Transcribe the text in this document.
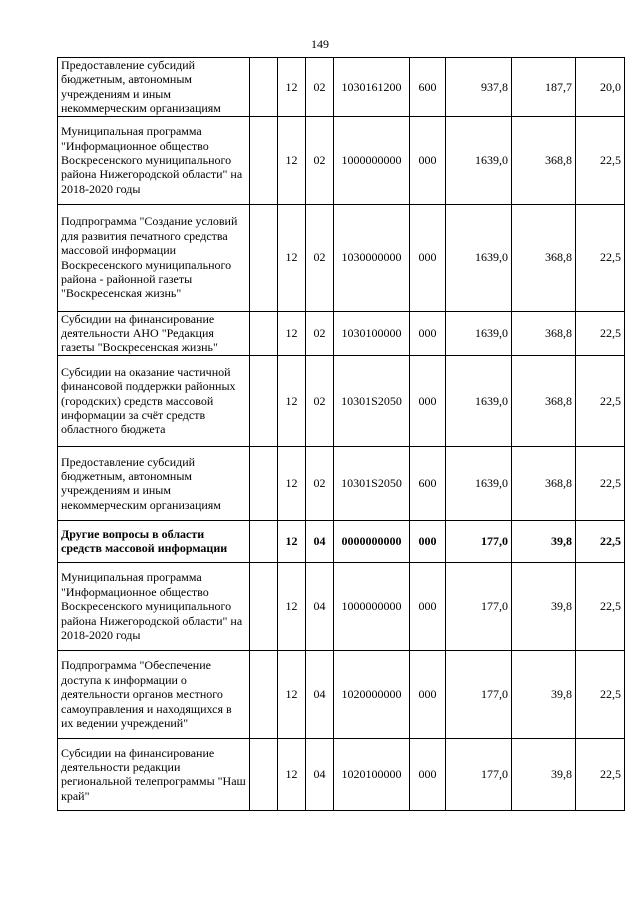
149
Предоставление субсидий бюджетным, автономным учреждениям и иным некоммерческим организациям		12	02	1030161200	600	937,8	187,7	20,0
Муниципальная программа "Информационное общество Воскресенского муниципального района Нижегородской области" на 2018-2020 годы		12	02	1000000000	000	1639,0	368,8	22,5
Подпрограмма "Создание условий для развития печатного средства массовой информации Воскресенского муниципального района - районной газеты "Воскресенская жизнь"		12	02	1030000000	000	1639,0	368,8	22,5
Субсидии на финансирование деятельности АНО "Редакция газеты "Воскресенская жизнь"		12	02	1030100000	000	1639,0	368,8	22,5
Субсидии на оказание частичной финансовой поддержки районных (городских) средств массовой информации за счёт средств областного бюджета		12	02	10301S2050	000	1639,0	368,8	22,5
Предоставление субсидий бюджетным, автономным учреждениям и иным некоммерческим организациям		12	02	10301S2050	600	1639,0	368,8	22,5
Другие вопросы в области средств массовой информации		12	04	0000000000	000	177,0	39,8	22,5
Муниципальная программа "Информационное общество Воскресенского муниципального района Нижегородской области" на 2018-2020 годы		12	04	1000000000	000	177,0	39,8	22,5
Подпрограмма "Обеспечение доступа к информации о деятельности органов местного самоуправления и находящихся в их ведении учреждений"		12	04	1020000000	000	177,0	39,8	22,5
Субсидии на финансирование деятельности редакции региональной телепрограммы "Наш край"		12	04	1020100000	000	177,0	39,8	22,5
